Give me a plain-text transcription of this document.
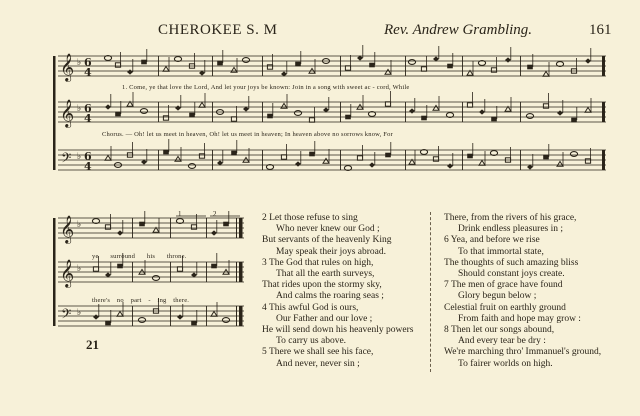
CHEROKEE S. M	Rev. Andrew Grambling.	161
𝄞 ♭ 6
4
𝄞 ♭ 6
4
𝄢 ♭ 6
4
𝄞 ♭
𝄞 ♭
𝄢 ♭
1. Come, ye that love the Lord, And let your joys be known: Join in a song with sweet ac - cord, While
Chorus. — Oh! let us meet in heaven, Oh! let us meet in heaven; In heaven above no sorrows know, For
ye surround his throne.
there's no part - ing there.
1	2
21
2 Let those refuse to sing
Who never knew our God ;
But servants of the heavenly King
May speak their joys abroad.
3 The God that rules on high,
That all the earth surveys,
That rides upon the stormy sky,
And calms the roaring seas ;
4 This awful God is ours,
Our Father and our love ;
He will send down his heavenly powers
To carry us above.
5 There we shall see his face,
And never, never sin ;
There, from the rivers of his grace,
Drink endless pleasures in ;
6 Yea, and before we rise
To that immortal state,
The thoughts of such amazing bliss
Should constant joys create.
7 The men of grace have found
Glory begun below ;
Celestial fruit on earthly ground
From faith and hope may grow :
8 Then let our songs abound,
And every tear be dry :
We're marching thro' Immanuel's ground,
To fairer worlds on high.
